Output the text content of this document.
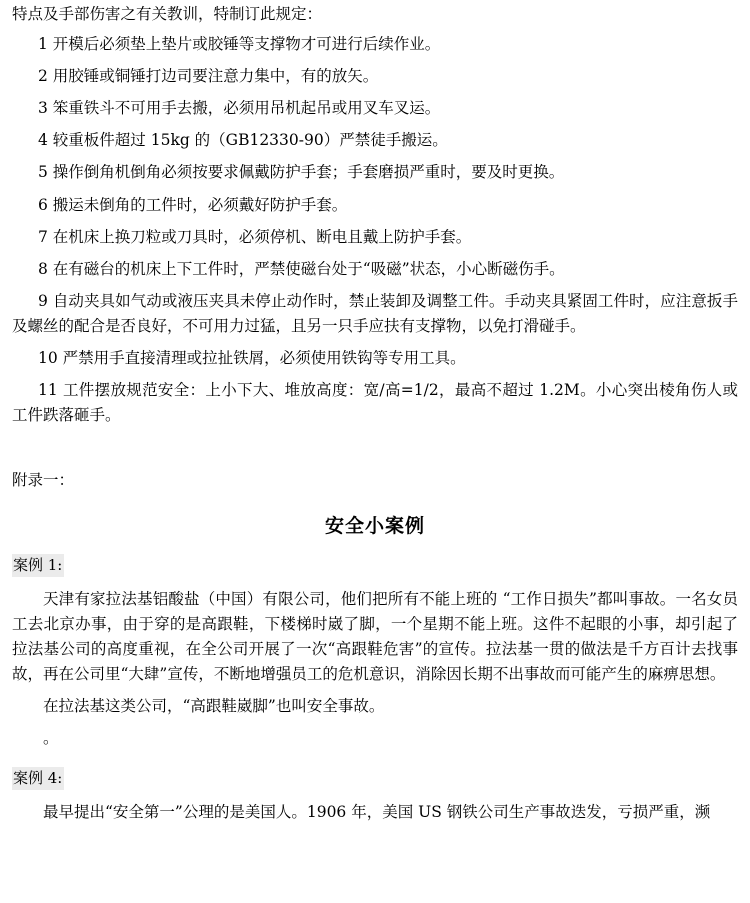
特点及手部伤害之有关教训，特制订此规定：

1 开模后必须垫上垫片或胶锤等支撑物才可进行后续作业。

2 用胶锤或铜锤打边司要注意力集中，有的放矢。

3 笨重铁斗不可用手去搬，必须用吊机起吊或用叉车叉运。

4 较重板件超过 15kg 的（GB12330-90）严禁徒手搬运。

5 操作倒角机倒角必须按要求佩戴防护手套；手套磨损严重时，要及时更换。

6 搬运未倒角的工件时，必须戴好防护手套。

7 在机床上换刀粒或刀具时，必须停机、断电且戴上防护手套。

8 在有磁台的机床上下工件时，严禁使磁台处于“吸磁”状态，小心断磁伤手。

9 自动夹具如气动或液压夹具未停止动作时，禁止装卸及调整工件。手动夹具紧固工件时，应注意扳手及螺丝的配合是否良好，不可用力过猛，且另一只手应扶有支撑物，以免打滑碰手。

10 严禁用手直接清理或拉扯铁屑，必须使用铁钩等专用工具。

11 工件摆放规范安全：上小下大、堆放高度：宽/高=1/2，最高不超过 1.2M。小心突出棱角伤人或工件跌落砸手。

附录一：

安全小案例
案例 1:

天津有家拉法基铝酸盐（中国）有限公司，他们把所有不能上班的 “工作日损失”都叫事故。一名女员工去北京办事，由于穿的是高跟鞋，下楼梯时崴了脚，一个星期不能上班。这件不起眼的小事，却引起了拉法基公司的高度重视，在全公司开展了一次“高跟鞋危害”的宣传。拉法基一贯的做法是千方百计去找事故，再在公司里“大肆”宣传，不断地增强员工的危机意识，消除因长期不出事故而可能产生的麻痹思想。

在拉法基这类公司，“高跟鞋崴脚”也叫安全事故。

。

案例 4:

最早提出“安全第一”公理的是美国人。1906 年，美国 US 钢铁公司生产事故迭发，亏损严重，濒
